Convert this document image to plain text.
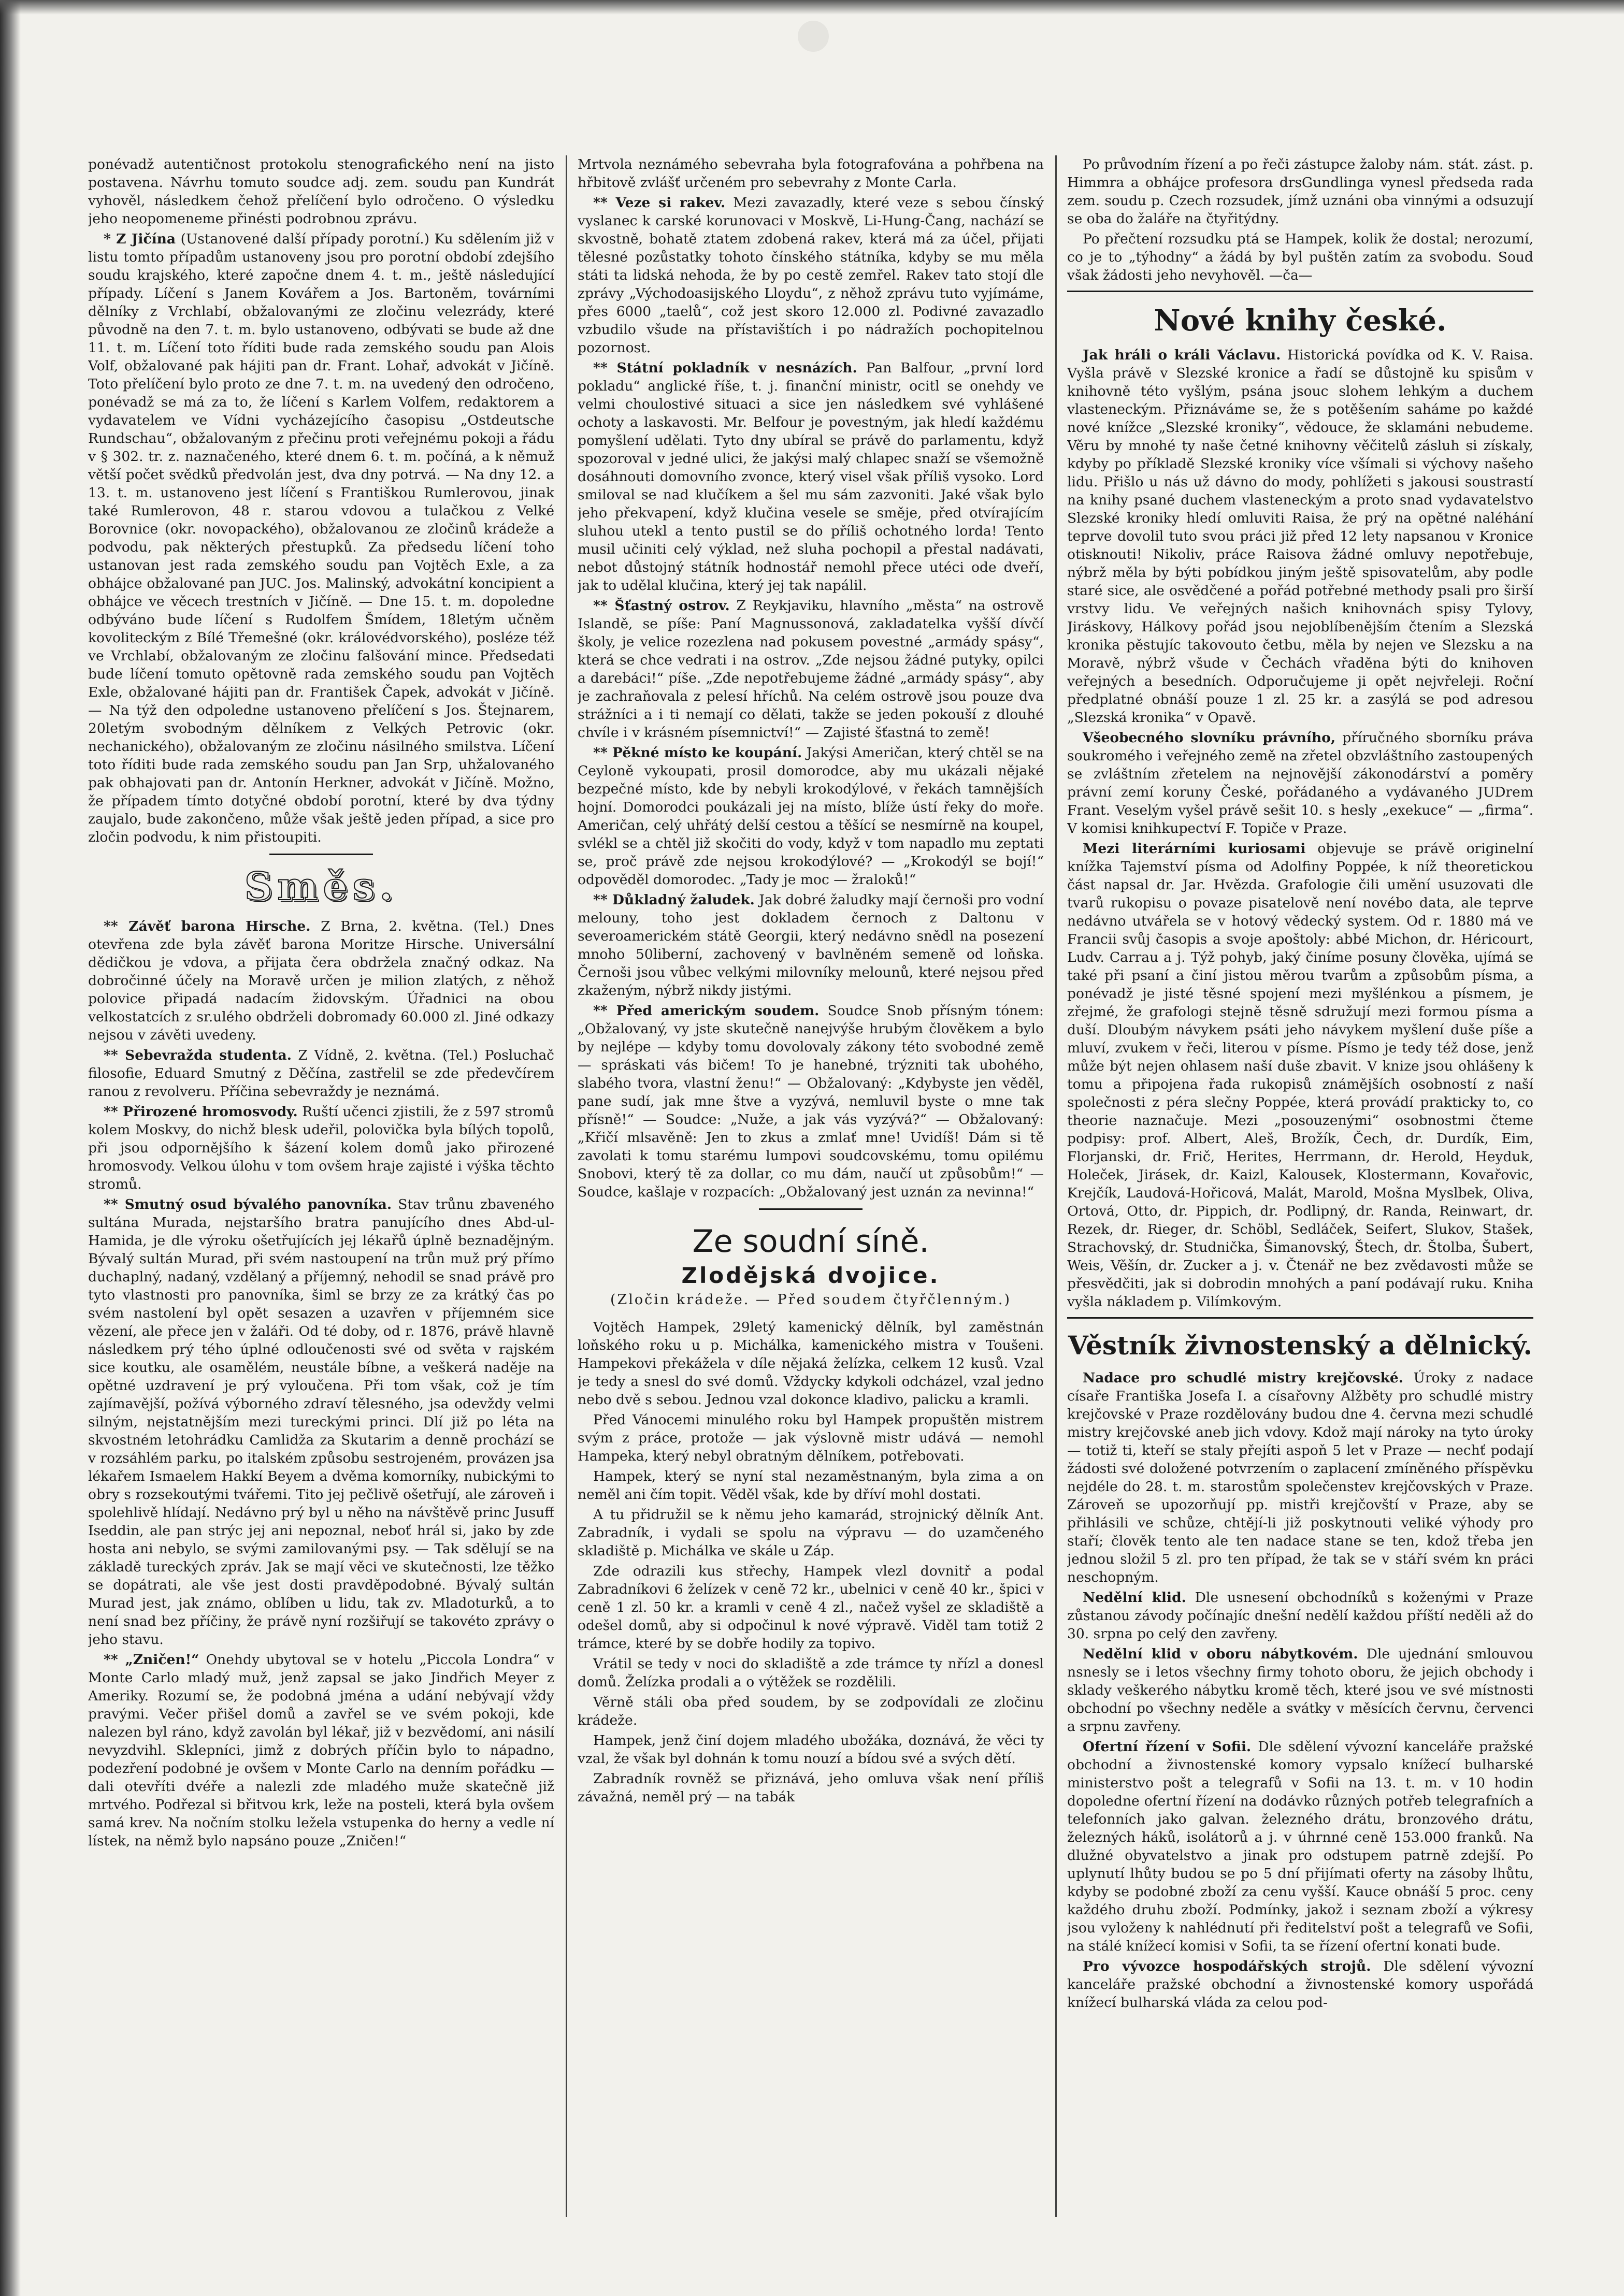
ponévadž autentičnost protokolu stenografického není na jisto postavena. Návrhu tomuto soudce adj. zem. soudu pan Kundrát vyhověl, následkem čehož přelíčení bylo odročeno. O výsledku jeho neopomeneme přinésti podrobnou zprávu.

* Z Jičína (Ustanovené další případy porotní.) Ku sdělením již v listu tomto případům ustanoveny jsou pro porotní období zdejšího soudu krajského, které započne dnem 4. t. m., ještě následující případy. Líčení s Janem Kovářem a Jos. Bartoněm, továrními dělníky z Vrchlabí, obžalovanými ze zločinu velezrády, které původně na den 7. t. m. bylo ustanoveno, odbývati se bude až dne 11. t. m. Líčení toto říditi bude rada zemského soudu pan Alois Volf, obžalované pak hájiti pan dr. Frant. Lohař, advokát v Jičíně. Toto přelíčení bylo proto ze dne 7. t. m. na uvedený den odročeno, ponévadž se má za to, že líčení s Karlem Volfem, redaktorem a vydavatelem ve Vídni vycházejícího časopisu „Ostdeutsche Rundschau“, obžalovaným z přečinu proti veřejnému pokoji a řádu v § 302. tr. z. naznačeného, které dnem 6. t. m. počíná, a k němuž větší počet svědků předvolán jest, dva dny potrvá. — Na dny 12. a 13. t. m. ustanoveno jest líčení s Františkou Rumlerovou, jinak také Rumlerovon, 48 r. starou vdovou a tulačkou z Velké Borovnice (okr. novopackého), obžalovanou ze zločinů krádeže a podvodu, pak některých přestupků. Za předsedu líčení toho ustanovan jest rada zemského soudu pan Vojtěch Exle, a za obhájce obžalované pan JUC. Jos. Malinský, advokátní koncipient a obhájce ve věcech trestních v Jičíně. — Dne 15. t. m. dopoledne odbýváno bude líčení s Rudolfem Šmídem, 18letým učněm kovoliteckým z Bílé Třemešné (okr. královédvorského), posléze též ve Vrchlabí, obžalovaným ze zločinu falšování mince. Předsedati bude líčení tomuto opětovně rada zemského soudu pan Vojtěch Exle, obžalované hájiti pan dr. František Čapek, advokát v Jičíně. — Na týž den odpoledne ustanoveno přelíčení s Jos. Štejnarem, 20letým svobodným dělníkem z Velkých Petrovic (okr. nechanického), obžalovaným ze zločinu násilného smilstva. Líčení toto říditi bude rada zemského soudu pan Jan Srp, uhžalovaného pak obhajovati pan dr. Antonín Herkner, advokát v Jičíně. Možno, že případem tímto dotyčné období porotní, které by dva týdny zaujalo, bude zakončeno, může však ještě jeden případ, a sice pro zločin podvodu, k nim přistoupiti.

Směs.

** Závěť barona Hirsche. Z Brna, 2. května. (Tel.) Dnes otevřena zde byla závěť barona Moritze Hirsche. Universální dědičkou je vdova, a přijata čera obdržela značný odkaz. Na dobročinné účely na Moravě určen je milion zlatých, z něhož polovice připadá nadacím židovským. Úřadnici na obou velkostatcích z sr.ulého obdrželi dobromady 60.000 zl. Jiné odkazy nejsou v závěti uvedeny.

** Sebevražda studenta. Z Vídně, 2. května. (Tel.) Posluchač filosofie, Eduard Smutný z Děčína, zastřelil se zde předevčírem ranou z revolveru. Příčina sebevraždy je neznámá.

** Přirozené hromosvody. Ruští učenci zjistili, že z 597 stromů kolem Moskvy, do nichž blesk udeřil, polovička byla bílých topolů, při jsou odpornějšího k šázení kolem domů jako přirozené hromosvody. Velkou úlohu v tom ovšem hraje zajisté i výška těchto stromů.

** Smutný osud bývalého panovníka. Stav trůnu zbaveného sultána Murada, nejstaršího bratra panujícího dnes Abd-ul-Hamida, je dle výroku ošetřujících jej lékařů úplně beznadějným. Bývalý sultán Murad, při svém nastoupení na trůn muž prý přímo duchaplný, nadaný, vzdělaný a příjemný, nehodil se snad právě pro tyto vlastnosti pro panovníka, šiml se brzy ze za krátký čas po svém nastolení byl opět sesazen a uzavřen v příjemném sice vězení, ale přece jen v žaláři. Od té doby, od r. 1876, právě hlavně následkem prý tého úplné odloučenosti své od světa v rajském sice koutku, ale osamělém, neustále bíbne, a veškerá naděje na opětné uzdravení je prý vyloučena. Při tom však, což je tím zajímavější, požívá výborného zdraví tělesného, jsa odevždy velmi silným, nejstatnějším mezi tureckými princi. Dlí již po léta na skvostném letohrádku Camlidža za Skutarim a denně prochází se v rozsáhlém parku, po italském způsobu sestrojeném, provázen jsa lékařem Ismaelem Hakkí Beyem a dvěma komorníky, nubickými to obry s rozsekoutými tvářemi. Tito jej pečlivě ošetřují, ale zároveň i spolehlivě hlídají. Nedávno prý byl u něho na návštěvě princ Jusuff Iseddin, ale pan strýc jej ani nepoznal, neboť hrál si, jako by zde hosta ani nebylo, se svými zamilovanými psy. — Tak sdělují se na základě tureckých zpráv. Jak se mají věci ve skutečnosti, lze těžko se dopátrati, ale vše jest dosti pravděpodobné. Bývalý sultán Murad jest, jak známo, oblíben u lidu, tak zv. Mladoturků, a to není snad bez příčiny, že právě nyní rozšiřují se takovéto zprávy o jeho stavu.

** „Zničen!“ Onehdy ubytoval se v hotelu „Piccola Londra“ v Monte Carlo mladý muž, jenž zapsal se jako Jindřich Meyer z Ameriky. Rozumí se, že podobná jména a udání nebývají vždy pravými. Večer přišel domů a zavřel se ve svém pokoji, kde nalezen byl ráno, když zavolán byl lékař, již v bezvědomí, ani násilí nevyzdvihl. Sklepníci, jimž z dobrých příčin bylo to nápadno, podezření podobné je ovšem v Monte Carlo na denním pořádku — dali otevříti dvéře a nalezli zde mladého muže skatečně již mrtvého. Podřezal si břitvou krk, leže na posteli, která byla ovšem samá krev. Na nočním stolku ležela vstupenka do herny a vedle ní lístek, na němž bylo napsáno pouze „Zničen!“

Mrtvola neznámého sebevraha byla fotografována a pohřbena na hřbitově zvlášť určeném pro sebevrahy z Monte Carla.

** Veze si rakev. Mezi zavazadly, které veze s sebou čínský vyslanec k carské korunovaci v Moskvě, Li-Hung-Čang, nachází se skvostně, bohatě ztatem zdobená rakev, která má za účel, přijati tělesné pozůstatky tohoto čínského státníka, kdyby se mu měla státi ta lidská nehoda, že by po cestě zemřel. Rakev tato stojí dle zprávy „Východoasijského Lloydu“, z něhož zprávu tuto vyjímáme, přes 6000 „taelů“, což jest skoro 12.000 zl. Podivné zavazadlo vzbudilo všude na přístavištích i po nádražích pochopitelnou pozornost.

** Státní pokladník v nesnázích. Pan Balfour, „první lord pokladu“ anglické říše, t. j. finanční ministr, ocitl se onehdy ve velmi choulostivé situaci a sice jen následkem své vyhlášené ochoty a laskavosti. Mr. Belfour je povestným, jak hledí každému pomyšlení udělati. Tyto dny ubíral se právě do parlamentu, když spozoroval v jedné ulici, že jakýsi malý chlapec snaží se všemožně dosáhnouti domovního zvonce, který visel však příliš vysoko. Lord smiloval se nad klučíkem a šel mu sám zazvoniti. Jaké však bylo jeho překvapení, když klučina vesele se směje, před otvírajícím sluhou utekl a tento pustil se do příliš ochotného lorda! Tento musil učiniti celý výklad, než sluha pochopil a přestal nadávati, nebot důstojný státník hodnostář nemohl přece utéci ode dveří, jak to udělal klučina, který jej tak napálil.

** Šťastný ostrov. Z Reykjaviku, hlavního „města“ na ostrově Islandě, se píše: Paní Magnussonová, zakladatelka vyšší dívčí školy, je velice rozezlena nad pokusem povestné „armády spásy“, která se chce vedrati i na ostrov. „Zde nejsou žádné putyky, opilci a darebáci!“ píše. „Zde nepotřebujeme žádné „armády spásy“, aby je zachraňovala z pelesí hříchů. Na celém ostrově jsou pouze dva strážníci a i ti nemají co dělati, takže se jeden pokouší z dlouhé chvíle i v krásném písemnictví!“ — Zajisté šťastná to země!

** Pěkné místo ke koupání. Jakýsi Američan, který chtěl se na Ceyloně vykoupati, prosil domorodce, aby mu ukázali nějaké bezpečné místo, kde by nebyli krokodýlové, v řekách tamnějších hojní. Domorodci poukázali jej na místo, blíže ústí řeky do moře. Američan, celý uhřátý delší cestou a těšící se nesmírně na koupel, svlékl se a chtěl již skočiti do vody, když v tom napadlo mu zeptati se, proč právě zde nejsou krokodýlové? — „Krokodýl se bojí!“ odpověděl domorodec. „Tady je moc — žraloků!“

** Důkladný žaludek. Jak dobré žaludky mají černoši pro vodní melouny, toho jest dokladem černoch z Daltonu v severoamerickém státě Georgii, který nedávno snědl na posezení mnoho 50liberní, zachovený v bavlněném semeně od loňska. Černoši jsou vůbec velkými milovníky melounů, které nejsou před zkaženým, nýbrž nikdy jistými.

** Před americkým soudem. Soudce Snob přísným tónem: „Obžalovaný, vy jste skutečně nanejvýše hrubým člověkem a bylo by nejlépe — kdyby tomu dovolovaly zákony této svobodné země — spráskati vás bičem! To je hanebné, trýzniti tak ubohého, slabého tvora, vlastní ženu!“ — Obžalovaný: „Kdybyste jen věděl, pane sudí, jak mne štve a vyzývá, nemluvil byste o mne tak přísně!“ — Soudce: „Nuže, a jak vás vyzývá?“ — Obžalovaný: „Křičí mlsavěně: Jen to zkus a zmlať mne! Uvidíš! Dám si tě zavolati k tomu starému lumpovi soudcovskému, tomu opilému Snobovi, který tě za dollar, co mu dám, naučí ut způsobům!“ — Soudce, kašlaje v rozpacích: „Obžalovaný jest uznán za nevinna!“

Ze soudní síně.
Zlodějská dvojice.
(Zločin krádeže. — Před soudem čtyřčlenným.)

Vojtěch Hampek, 29letý kamenický dělník, byl zaměstnán loňského roku u p. Michálka, kamenického mistra v Toušeni. Hampekovi překážela v díle nějaká želízka, celkem 12 kusů. Vzal je tedy a snesl do své domů. Vždycky kdykoli odcházel, vzal jedno nebo dvě s sebou. Jednou vzal dokonce kladivo, palicku a kramli.

Před Vánocemi minulého roku byl Hampek propuštěn mistrem svým z práce, protože — jak výslovně mistr udává — nemohl Hampeka, který nebyl obratným dělníkem, potřebovati.

Hampek, který se nyní stal nezaměstnaným, byla zima a on neměl ani čím topit. Věděl však, kde by dříví mohl dostati.

A tu přidružil se k němu jeho kamarád, strojnický dělník Ant. Zabradník, i vydali se spolu na výpravu — do uzamčeného skladiště p. Michálka ve skále u Záp.

Zde odrazili kus střechy, Hampek vlezl dovnitř a podal Zabradníkovi 6 želízek v ceně 72 kr., ubelnici v ceně 40 kr., špici v ceně 1 zl. 50 kr. a kramli v ceně 4 zl., načež vyšel ze skladiště a odešel domů, aby si odpočinul k nové výpravě. Viděl tam totiž 2 trámce, které by se dobře hodily za topivo.

Vrátil se tedy v noci do skladiště a zde trámce ty nřízl a donesl domů. Želízka prodali a o výtěžek se rozdělili.

Věrně stáli oba před soudem, by se zodpovídali ze zločinu krádeže.

Hampek, jenž činí dojem mladého ubožáka, doznává, že věci ty vzal, že však byl dohnán k tomu nouzí a bídou své a svých dětí.

Zabradník rovněž se přiznává, jeho omluva však není příliš závažná, neměl prý — na tabák

Po průvodním řízení a po řeči zástupce žaloby nám. stát. zást. p. Himmra a obhájce profesora drsGundlinga vynesl předseda rada zem. soudu p. Czech rozsudek, jímž uznáni oba vinnými a odsuzují se oba do žaláře na čtyřitýdny.

Po přečtení rozsudku ptá se Hampek, kolik že dostal; nerozumí, co je to „týhodny“ a žádá by byl puštěn zatím za svobodu. Soud však žádosti jeho nevyhověl. —ča—

Nové knihy české.

Jak hráli o králi Václavu. Historická povídka od K. V. Raisa. Vyšla právě v Slezské kronice a řadí se důstojně ku spisům v knihovně této vyšlým, psána jsouc slohem lehkým a duchem vlasteneckým. Přiznáváme se, že s potěšením saháme po každé nové knížce „Slezské kroniky“, vědouce, že sklamáni nebudeme. Věru by mnohé ty naše četné knihovny věčitelů zásluh si získaly, kdyby po příkladě Slezské kroniky více všímali si výchovy našeho lidu. Přišlo u nás už dávno do mody, pohlížeti s jakousi soustrastí na knihy psané duchem vlasteneckým a proto snad vydavatelstvo Slezské kroniky hledí omluviti Raisa, že prý na opětné naléhání teprve dovolil tuto svou práci již před 12 lety napsanou v Kronice otisknouti! Nikoliv, práce Raisova žádné omluvy nepotřebuje, nýbrž měla by býti pobídkou jiným ještě spisovatelům, aby podle staré sice, ale osvědčené a pořád potřebné methody psali pro širší vrstvy lidu. Ve veřejných našich knihovnách spisy Tylovy, Jiráskovy, Hálkovy pořád jsou nejoblíbenějším čtením a Slezská kronika pěstujíc takovouto četbu, měla by nejen ve Slezsku a na Moravě, nýbrž všude v Čechách vřaděna býti do knihoven veřejných a besedních. Odporučujeme ji opět nejvřeleji. Roční předplatné obnáší pouze 1 zl. 25 kr. a zasýlá se pod adresou „Slezská kronika“ v Opavě.

Všeobecného slovníku právního, příručného sborníku práva soukromého i veřejného země na zřetel obzvláštního zastoupených se zvláštním zřetelem na nejnovější zákonodárství a poměry právní zemí koruny České, pořádaného a vydávaného JUDrem Frant. Veselým vyšel právě sešit 10. s hesly „exekuce“ — „firma“. V komisi knihkupectví F. Topiče v Praze.

Mezi literárními kuriosami objevuje se právě originelní knížka Tajemství písma od Adolfiny Poppée, k níž theoretickou část napsal dr. Jar. Hvězda. Grafologie čili umění usuzovati dle tvarů rukopisu o povaze pisatelově není novébo data, ale teprve nedávno utvářela se v hotový vědecký system. Od r. 1880 má ve Francii svůj časopis a svoje apoštoly: abbé Michon, dr. Héricourt, Ludv. Carrau a j. Týž pohyb, jaký činíme posuny člověka, ujímá se také při psaní a činí jistou měrou tvarům a způsobům písma, a ponévadž je jisté těsné spojení mezi myšlénkou a písmem, je zřejmé, že grafologi stejně těsně sdružují mezi formou písma a duší. Dloubým návykem psáti jeho návykem myšlení duše píše a mluví, zvukem v řeči, literou v písme. Písmo je tedy též dose, jenž může být nejen ohlasem naší duše zbavit. V knize jsou ohlášeny k tomu a připojena řada rukopisů známějších osobností z naší společnosti z péra slečny Poppée, která provádí prakticky to, co theorie naznačuje. Mezi „posouzenými“ osobnostmi čteme podpisy: prof. Albert, Aleš, Brožík, Čech, dr. Durdík, Eim, Florjanski, dr. Frič, Herites, Herrmann, dr. Herold, Heyduk, Holeček, Jirásek, dr. Kaizl, Kalousek, Klostermann, Kovařovic, Krejčík, Laudová-Hořicová, Malát, Marold, Mošna Myslbek, Oliva, Ortová, Otto, dr. Pippich, dr. Podlipný, dr. Randa, Reinwart, dr. Rezek, dr. Rieger, dr. Schöbl, Sedláček, Seifert, Slukov, Stašek, Strachovský, dr. Studnička, Šimanovský, Štech, dr. Štolba, Šubert, Weis, Věšín, dr. Zucker a j. v. Čtenář ne bez zvědavosti může se přesvědčiti, jak si dobrodin mnohých a paní podávají ruku. Kniha vyšla nákladem p. Vilímkovým.

Věstník živnostenský a dělnický.

Nadace pro schudlé mistry krejčovské. Úroky z nadace císaře Františka Josefa I. a císařovny Alžběty pro schudlé mistry krejčovské v Praze rozdělovány budou dne 4. června mezi schudlé mistry krejčovské aneb jich vdovy. Kdož mají nároky na tyto úroky — totiž ti, kteří se staly přejíti aspoň 5 let v Praze — nechť podají žádosti své doložené potvrzením o zaplacení zmíněného příspěvku nejdéle do 28. t. m. starostům společenstev krejčovských v Praze. Zároveň se upozorňují pp. mistři krejčovští v Praze, aby se přihlásili ve schůze, chtějí-li již poskytnouti veliké výhody pro staří; člověk tento ale ten nadace stane se ten, kdož třeba jen jednou složil 5 zl. pro ten případ, že tak se v stáří svém kn práci neschopným.

Nedělní klid. Dle usnesení obchodníků s koženými v Praze zůstanou závody počínajíc dnešní nedělí každou příští neděli až do 30. srpna po celý den zavřeny.

Nedělní klid v oboru nábytkovém. Dle ujednání smlouvou nsnesly se i letos všechny firmy tohoto oboru, že jejich obchody i sklady veškerého nábytku kromě těch, které jsou ve své místnosti obchodní po všechny neděle a svátky v měsících červnu, červenci a srpnu zavřeny.

Ofertní řízení v Sofii. Dle sdělení vývozní kanceláře pražské obchodní a živnostenské komory vypsalo knížecí bulharské ministerstvo pošt a telegrafů v Sofii na 13. t. m. v 10 hodin dopoledne ofertní řízení na dodávko různých potřeb telegrafních a telefonních jako galvan. železného drátu, bronzového drátu, železných háků, isolátorů a j. v úhrnné ceně 153.000 franků. Na dlužné obyvatelstvo a jinak pro odstupem patrně zdejší. Po uplynutí lhůty budou se po 5 dní přijímati oferty na zásoby lhůtu, kdyby se podobné zboží za cenu vyšší. Kauce obnáší 5 proc. ceny každého druhu zboží. Podmínky, jakož i seznam zboží a výkresy jsou vyloženy k nahlédnutí při ředitelství pošt a telegrafů ve Sofii, na stálé knížecí komisi v Sofii, ta se řízení ofertní konati bude.

Pro vývozce hospodářských strojů. Dle sdělení vývozní kanceláře pražské obchodní a živnostenské komory uspořádá knížecí bulharská vláda za celou pod-
